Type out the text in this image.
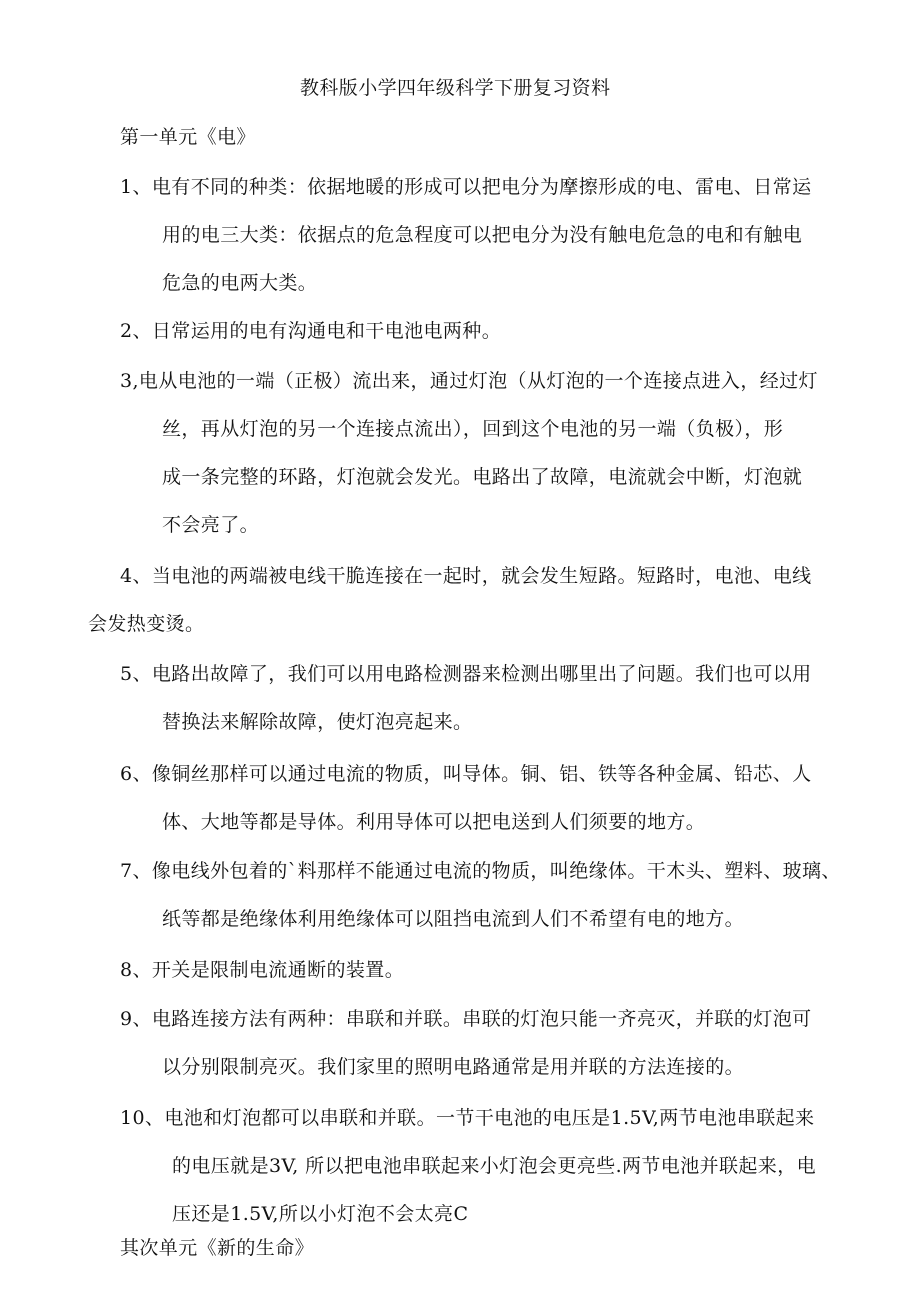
教科版小学四年级科学下册复习资料
第一单元《电》
1、电有不同的种类：依据地暖的形成可以把电分为摩擦形成的电、雷电、日常运
用的电三大类：依据点的危急程度可以把电分为没有触电危急的电和有触电
危急的电两大类。
2、日常运用的电有沟通电和干电池电两种。
3,电从电池的一端（正极）流出来，通过灯泡（从灯泡的一个连接点进入，经过灯
丝，再从灯泡的另一个连接点流出），回到这个电池的另一端（负极），形
成一条完整的环路，灯泡就会发光。电路出了故障，电流就会中断，灯泡就
不会亮了。
4、当电池的两端被电线干脆连接在一起时，就会发生短路。短路时，电池、电线
会发热变烫。
5、电路出故障了，我们可以用电路检测器来检测出哪里出了问题。我们也可以用
替换法来解除故障，使灯泡亮起来。
6、像铜丝那样可以通过电流的物质，叫导体。铜、铝、铁等各种金属、铅芯、人
体、大地等都是导体。利用导体可以把电送到人们须要的地方。
7、像电线外包着的`料那样不能通过电流的物质，叫绝缘体。干木头、塑料、玻璃、
纸等都是绝缘体利用绝缘体可以阻挡电流到人们不希望有电的地方。
8、开关是限制电流通断的装置。
9、电路连接方法有两种：串联和并联。串联的灯泡只能一齐亮灭，并联的灯泡可
以分别限制亮灭。我们家里的照明电路通常是用并联的方法连接的。
10、电池和灯泡都可以串联和并联。一节干电池的电压是1.5V,两节电池串联起来
的电压就是3V, 所以把电池串联起来小灯泡会更亮些.两节电池并联起来，电
压还是1.5V,所以小灯泡不会太亮C
其次单元《新的生命》
